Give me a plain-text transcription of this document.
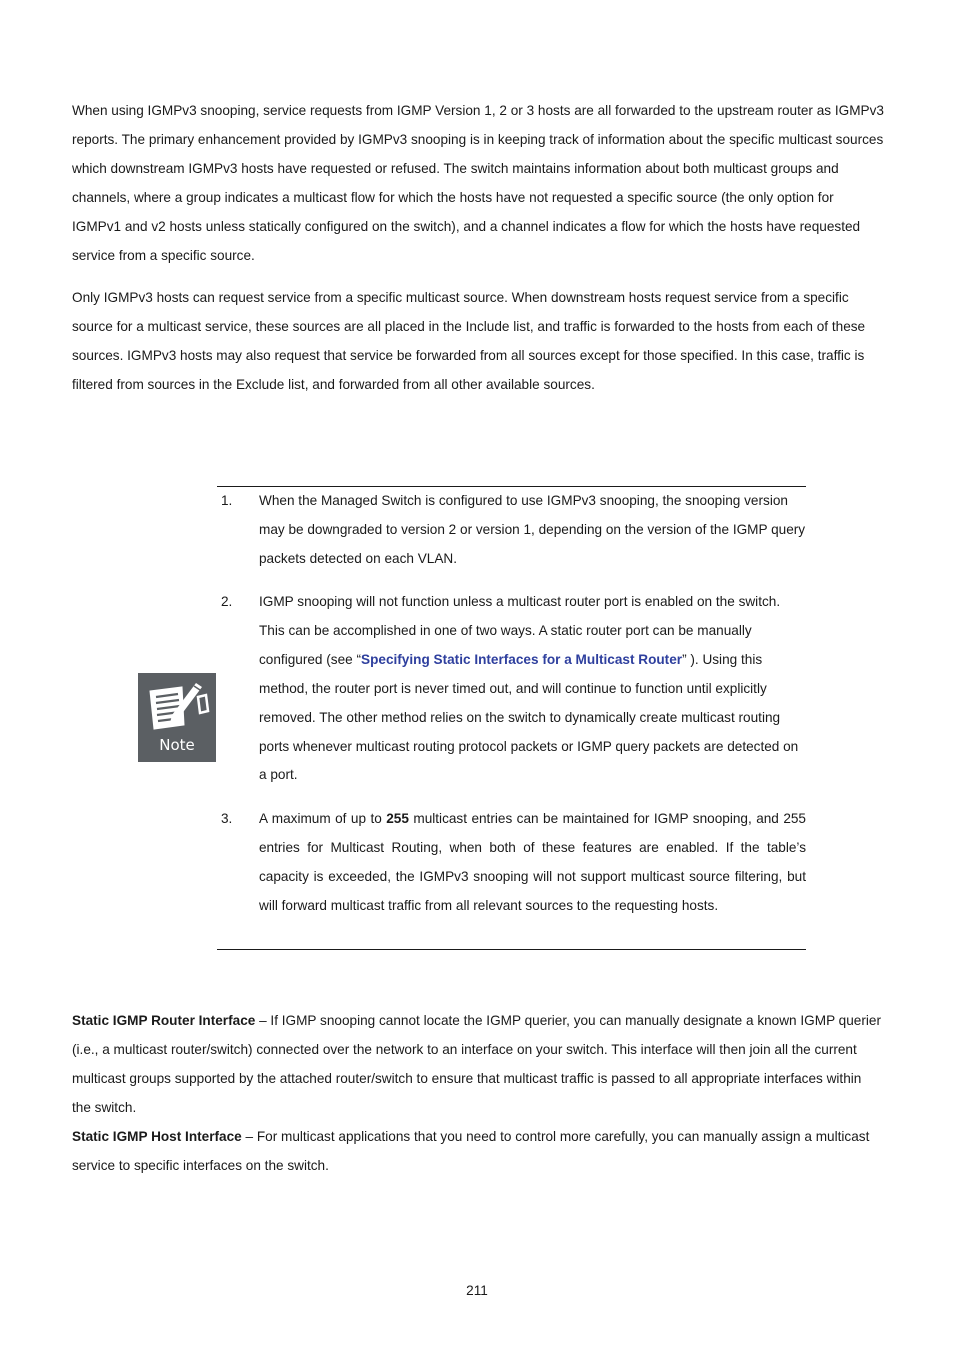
When using IGMPv3 snooping, service requests from IGMP Version 1, 2 or 3 hosts are all forwarded to the upstream router as IGMPv3 reports. The primary enhancement provided by IGMPv3 snooping is in keeping track of information about the specific multicast sources which downstream IGMPv3 hosts have requested or refused. The switch maintains information about both multicast groups and channels, where a group indicates a multicast flow for which the hosts have not requested a specific source (the only option for IGMPv1 and v2 hosts unless statically configured on the switch), and a channel indicates a flow for which the hosts have requested service from a specific source.

Only IGMPv3 hosts can request service from a specific multicast source. When downstream hosts request service from a specific source for a multicast service, these sources are all placed in the Include list, and traffic is forwarded to the hosts from each of these sources. IGMPv3 hosts may also request that service be forwarded from all sources except for those specified. In this case, traffic is filtered from sources in the Exclude list, and forwarded from all other available sources.

Note
1.	When the Managed Switch is configured to use IGMPv3 snooping, the snooping version may be downgraded to version 2 or version 1, depending on the version of the IGMP query packets detected on each VLAN.
2.	IGMP snooping will not function unless a multicast router port is enabled on the switch. This can be accomplished in one of two ways. A static router port can be manually configured (see “Specifying Static Interfaces for a Multicast Router” ). Using this method, the router port is never timed out, and will continue to function until explicitly removed. The other method relies on the switch to dynamically create multicast routing ports whenever multicast routing protocol packets or IGMP query packets are detected on a port.
3.	A maximum of up to 255 multicast entries can be maintained for IGMP snooping, and 255 entries for Multicast Routing, when both of these features are enabled. If the table’s capacity is exceeded, the IGMPv3 snooping will not support multicast source filtering, but will forward multicast traffic from all relevant sources to the requesting hosts.

Static IGMP Router Interface – If IGMP snooping cannot locate the IGMP querier, you can manually designate a known IGMP querier (i.e., a multicast router/switch) connected over the network to an interface on your switch. This interface will then join all the current multicast groups supported by the attached router/switch to ensure that multicast traffic is passed to all appropriate interfaces within the switch.

Static IGMP Host Interface – For multicast applications that you need to control more carefully, you can manually assign a multicast service to specific interfaces on the switch.

211
